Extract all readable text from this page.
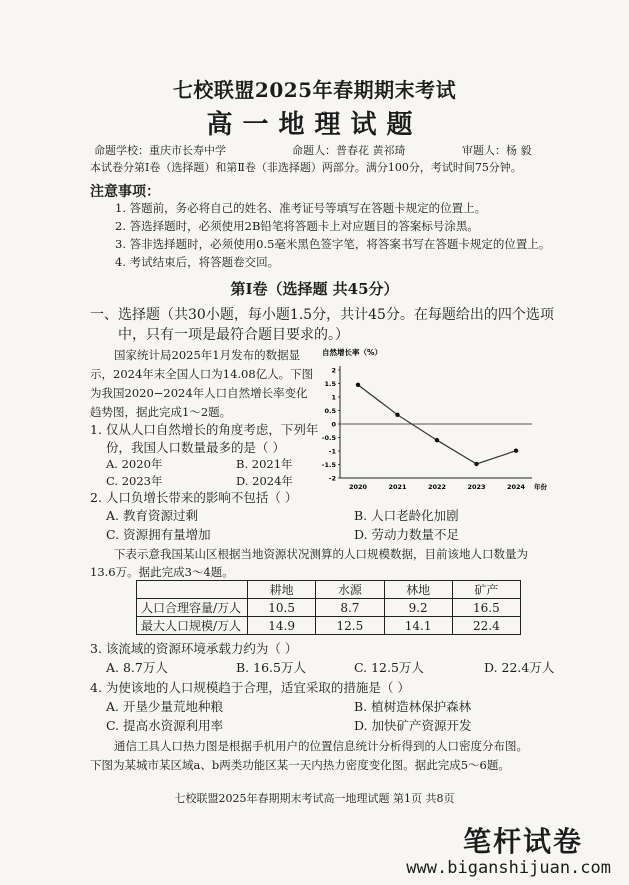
七校联盟2025年春期期末考试
高一地理试题
命题学校：重庆市长寿中学	命题人：普春花 黄祁琦	审题人：杨 毅
本试卷分第Ⅰ卷（选择题）和第Ⅱ卷（非选择题）两部分。满分100分，考试时间75分钟。
注意事项：
1. 答题前，务必将自己的姓名、准考证号等填写在答题卡规定的位置上。
2. 答选择题时，必须使用2B铅笔将答题卡上对应题目的答案标号涂黑。
3. 答非选择题时，必须使用0.5毫米黑色签字笔，将答案书写在答题卡规定的位置上。
4. 考试结束后，将答题卷交回。
第Ⅰ卷（选择题 共45分）
一、选择题（共30小题，每小题1.5分，共计45分。在每题给出的四个选项
中，只有一项是最符合题目要求的。）
国家统计局2025年1月发布的数据显
示，2024年末全国人口为14.08亿人。下图
为我国2020−2024年人口自然增长率变化
趋势图，据此完成1～2题。
1. 仅从人口自然增长的角度考虑，下列年
份，我国人口数量最多的是（ ）
A. 2020年	B. 2021年
C. 2023年	D. 2024年
自然增长率（%）
2
1.5
1
0.5
0
-0.5
-1
-1.5
-2
2020	2021	2022	2023	2024 年份
2. 人口负增长带来的影响不包括（ ）
A. 教育资源过剩	B. 人口老龄化加剧
C. 资源拥有量增加	D. 劳动力数量不足
下表示意我国某山区根据当地资源状况测算的人口规模数据，目前该地人口数量为
13.6万。据此完成3～4题。
	耕地	水源	林地	矿产
人口合理容量/万人	10.5	8.7	9.2	16.5
最大人口规模/万人	14.9	12.5	14.1	22.4
3. 该流域的资源环境承载力约为（ ）
A. 8.7万人	B. 16.5万人	C. 12.5万人	D. 22.4万人
4. 为使该地的人口规模趋于合理，适宜采取的措施是（ ）
A. 开垦少量荒地种粮	B. 植树造林保护森林
C. 提高水资源利用率	D. 加快矿产资源开发
通信工具人口热力图是根据手机用户的位置信息统计分析得到的人口密度分布图。
下图为某城市某区域a、b两类功能区某一天内热力密度变化图。据此完成5～6题。
七校联盟2025年春期期末考试高一地理试题 第1页 共8页
笔杆试卷
www.biganshijuan.com
